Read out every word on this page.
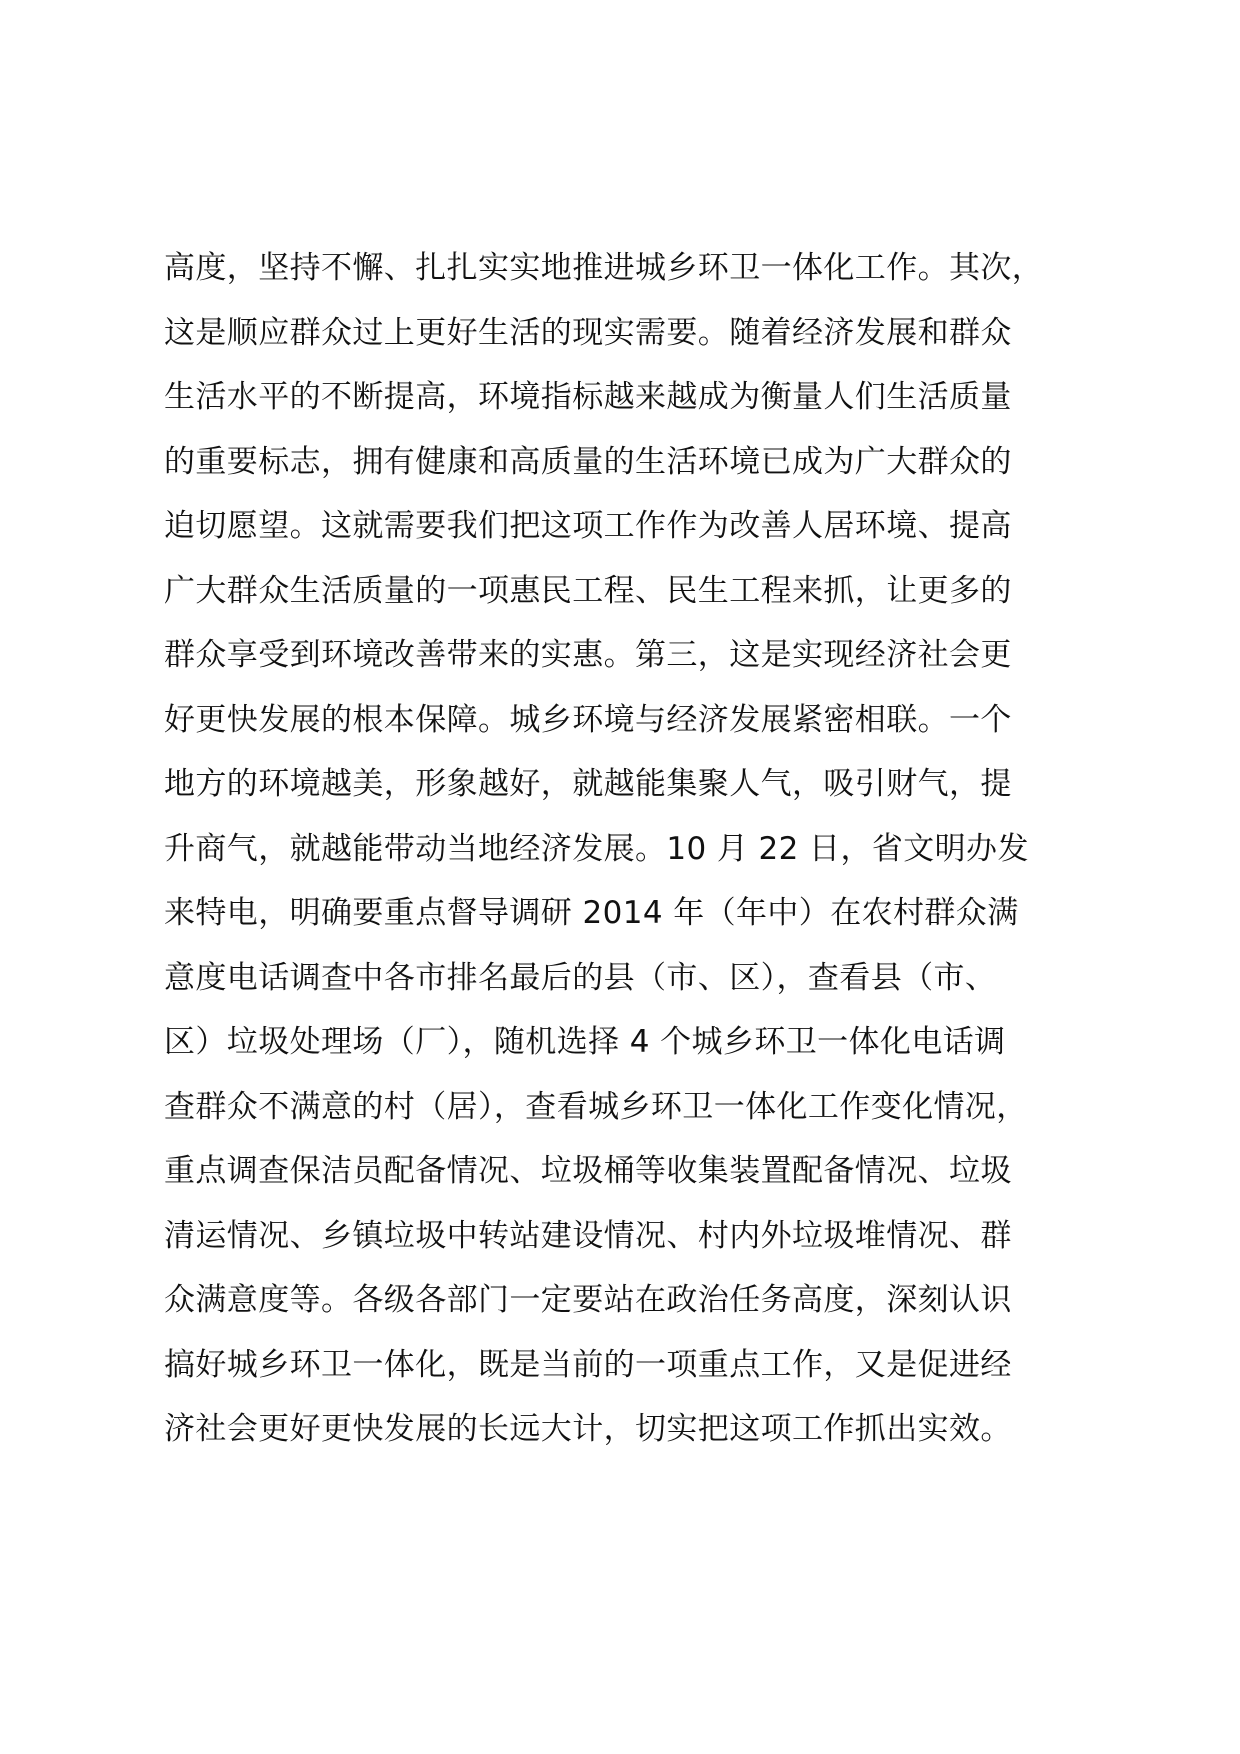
高度，坚持不懈、扎扎实实地推进城乡环卫一体化工作。其次，
这是顺应群众过上更好生活的现实需要。随着经济发展和群众
生活水平的不断提高，环境指标越来越成为衡量人们生活质量
的重要标志，拥有健康和高质量的生活环境已成为广大群众的
迫切愿望。这就需要我们把这项工作作为改善人居环境、提高
广大群众生活质量的一项惠民工程、民生工程来抓，让更多的
群众享受到环境改善带来的实惠。第三，这是实现经济社会更
好更快发展的根本保障。城乡环境与经济发展紧密相联。一个
地方的环境越美，形象越好，就越能集聚人气，吸引财气，提
升商气，就越能带动当地经济发展。10 月 22 日，省文明办发
来特电，明确要重点督导调研 2014 年（年中）在农村群众满
意度电话调查中各市排名最后的县（市、区），查看县（市、
区）垃圾处理场（厂），随机选择 4 个城乡环卫一体化电话调
查群众不满意的村（居），查看城乡环卫一体化工作变化情况，
重点调查保洁员配备情况、垃圾桶等收集装置配备情况、垃圾
清运情况、乡镇垃圾中转站建设情况、村内外垃圾堆情况、群
众满意度等。各级各部门一定要站在政治任务高度，深刻认识
搞好城乡环卫一体化，既是当前的一项重点工作，又是促进经
济社会更好更快发展的长远大计，切实把这项工作抓出实效。
